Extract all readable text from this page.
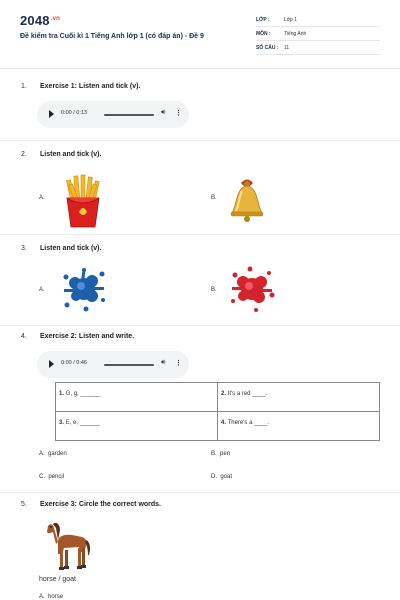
$2048^{.vn}$
Đề kiểm tra Cuối kì 1 Tiếng Anh lớp 1 (có đáp án) - Đề 9
LỚP :	Lớp 1
MÔN :	Tiếng Anh
SỐ CÂU : 11
1. Exercise 1: Listen and tick (v).
0:00 / 0:13	🔊︎ ⋮
2. Listen and tick (v).
A.	B.
3. Listen and tick (v).
A.	B.
4. Exercise 2: Listen and write.
0:00 / 0:46	🔊︎ ⋮
1. G, g, ______	2. It's a red ____.
3. E, e, ______	4. There's a ____.
A. garden	B. pen
C. pencil	D. goat
5. Exercise 3: Circle the correct words.
horse / goat
A. horse
